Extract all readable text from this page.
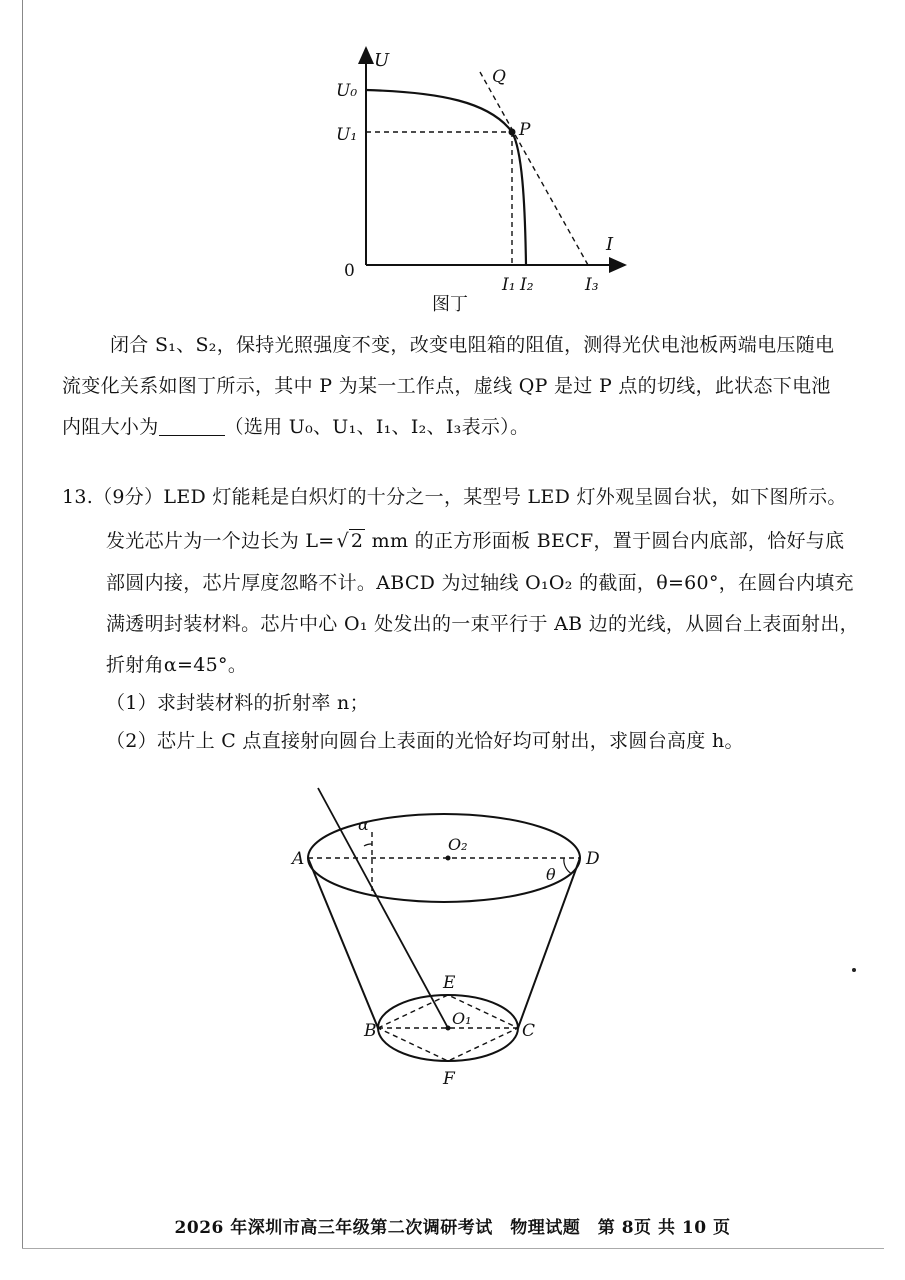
U
I
0
U₀
U₁
Q
P
I₁ I₂	I₃
图丁
闭合 S₁、S₂，保持光照强度不变，改变电阻箱的阻值，测得光伏电池板两端电压随电
流变化关系如图丁所示，其中 P 为某一工作点，虚线 QP 是过 P 点的切线，此状态下电池
内阻大小为	（选用 U₀、U₁、I₁、I₂、I₃表示）。
13.（9分）LED 灯能耗是白炽灯的十分之一，某型号 LED 灯外观呈圆台状，如下图所示。
发光芯片为一个边长为 L= √ 2 mm 的正方形面板 BECF，置于圆台内底部，恰好与底
部圆内接，芯片厚度忽略不计。ABCD 为过轴线 O₁O₂ 的截面，θ=60°，在圆台内填充
满透明封装材料。芯片中心 O₁ 处发出的一束平行于 AB 边的光线，从圆台上表面射出，
折射角α=45°。
（1）求封装材料的折射率 n；
（2）芯片上 C 点直接射向圆台上表面的光恰好均可射出，求圆台高度 h。
A	D
B	C
E
F
O₁
O₂
α
θ
2026 年深圳市高三年级第二次调研考试　物理试题　第 8页 共 10 页
